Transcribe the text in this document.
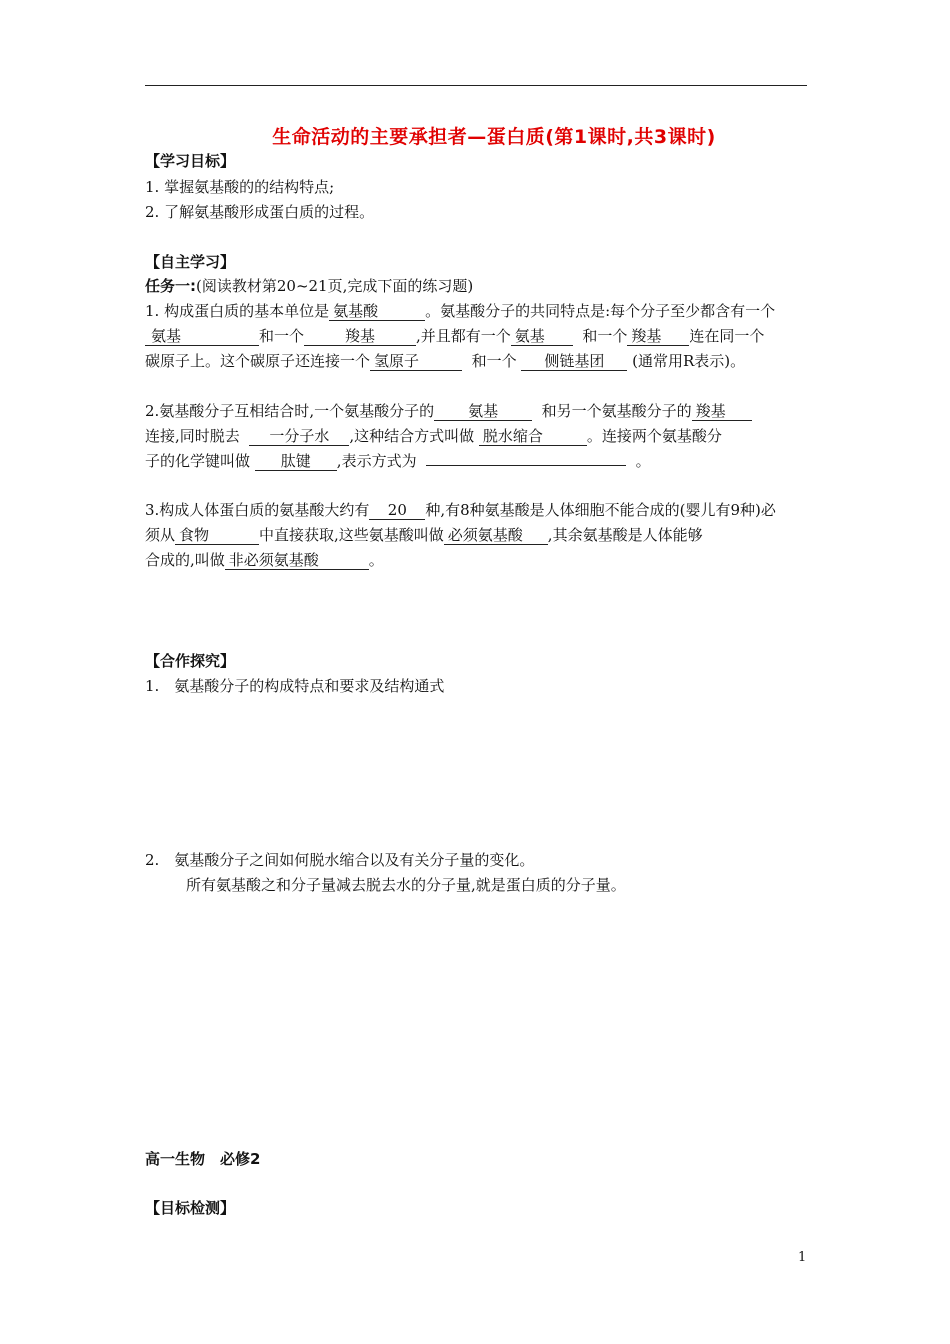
生命活动的主要承担者—蛋白质(第1课时,共3课时)
【学习目标】
1. 掌握氨基酸的的结构特点;
2. 了解氨基酸形成蛋白质的过程。
【自主学习】
任务一:(阅读教材第20~21页,完成下面的练习题)
1. 构成蛋白质的基本单位是 氨基酸	。氨基酸分子的共同特点是:每个分子至少都含有一个
氨基	和一个	羧基	,并且都有一个 氨基	和一个 羧基 连在同一个
碳原子上。这个碳原子还连接一个 氢原子	和一个 侧链基团 (通常用R表示)。
2.氨基酸分子互相结合时,一个氨基酸分子的 氨基	和另一个氨基酸分子的 羧基
连接,同时脱去 一分子水 ,这种结合方式叫做 脱水缩合	。连接两个氨基酸分
子的化学键叫做 肽键 ,表示方式为	。
3.构成人体蛋白质的氨基酸大约有 20 种,有8种氨基酸是人体细胞不能合成的(婴儿有9种)必
须从 食物	中直接获取,这些氨基酸叫做 必须氨基酸 ,其余氨基酸是人体能够
合成的,叫做 非必须氨基酸	。
【合作探究】
1.　氨基酸分子的构成特点和要求及结构通式
2.　氨基酸分子之间如何脱水缩合以及有关分子量的变化。
所有氨基酸之和分子量减去脱去水的分子量,就是蛋白质的分子量。
高一生物　必修2
【目标检测】
1
